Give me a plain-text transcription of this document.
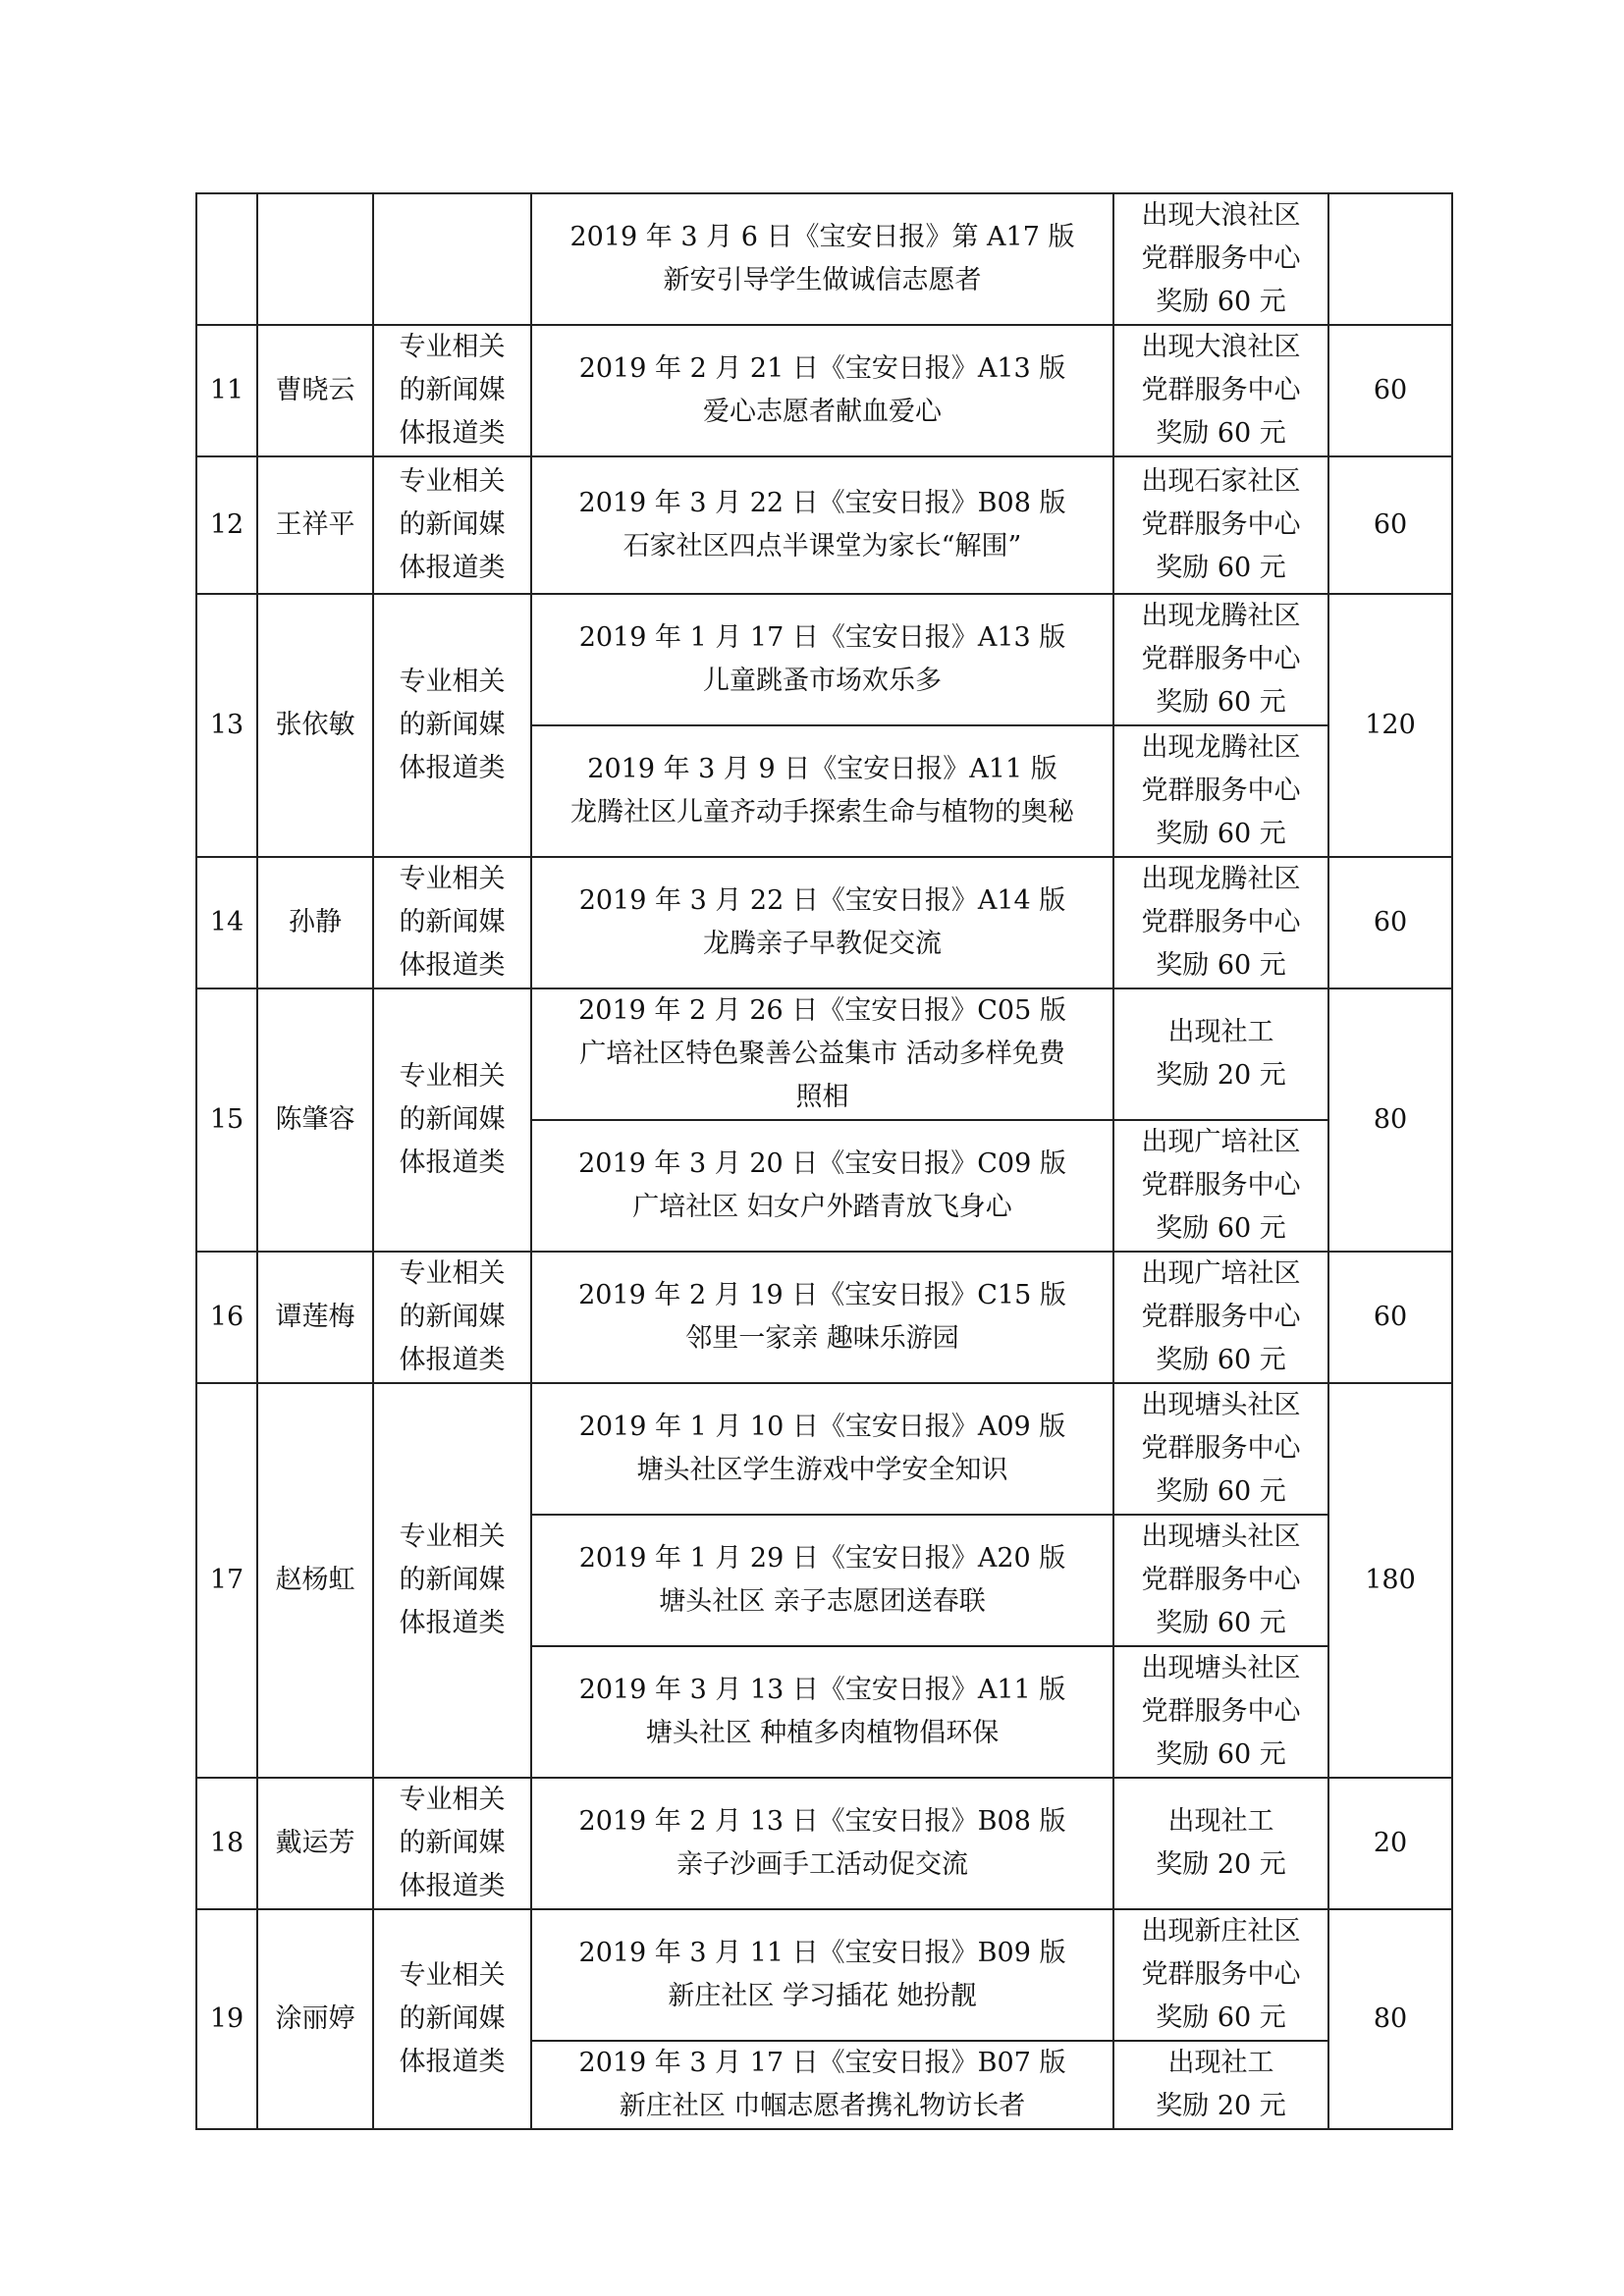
			2019 年 3 月 6 日《宝安日报》第 A17 版
新安引导学生做诚信志愿者	出现大浪社区
党群服务中心
奖励 60 元	

11	曹晓云	专业相关
的新闻媒
体报道类	2019 年 2 月 21 日《宝安日报》A13 版
爱心志愿者献血爱心	出现大浪社区
党群服务中心
奖励 60 元	60
12	王祥平	专业相关
的新闻媒
体报道类	2019 年 3 月 22 日《宝安日报》B08 版
石家社区四点半课堂为家长“解围”	出现石家社区
党群服务中心
奖励 60 元	60
13	张依敏	专业相关
的新闻媒
体报道类	2019 年 1 月 17 日《宝安日报》A13 版
儿童跳蚤市场欢乐多	出现龙腾社区
党群服务中心
奖励 60 元	120

			2019 年 3 月 9 日《宝安日报》A11 版
龙腾社区儿童齐动手探索生命与植物的奥秘	出现龙腾社区
党群服务中心
奖励 60 元	

14	孙静	专业相关
的新闻媒
体报道类	2019 年 3 月 22 日《宝安日报》A14 版
龙腾亲子早教促交流	出现龙腾社区
党群服务中心
奖励 60 元	60
15	陈肇容	专业相关
的新闻媒
体报道类	2019 年 2 月 26 日《宝安日报》C05 版
广培社区特色聚善公益集市 活动多样免费
照相	出现社工
奖励 20 元	80

			2019 年 3 月 20 日《宝安日报》C09 版
广培社区 妇女户外踏青放飞身心	出现广培社区
党群服务中心
奖励 60 元	

16	谭莲梅	专业相关
的新闻媒
体报道类	2019 年 2 月 19 日《宝安日报》C15 版
邻里一家亲 趣味乐游园	出现广培社区
党群服务中心
奖励 60 元	60
17	赵杨虹	专业相关
的新闻媒
体报道类	2019 年 1 月 10 日《宝安日报》A09 版
塘头社区学生游戏中学安全知识	出现塘头社区
党群服务中心
奖励 60 元	180

			2019 年 1 月 29 日《宝安日报》A20 版
塘头社区 亲子志愿团送春联	出现塘头社区
党群服务中心
奖励 60 元	

			2019 年 3 月 13 日《宝安日报》A11 版
塘头社区 种植多肉植物倡环保	出现塘头社区
党群服务中心
奖励 60 元	

18	戴运芳	专业相关
的新闻媒
体报道类	2019 年 2 月 13 日《宝安日报》B08 版
亲子沙画手工活动促交流	出现社工
奖励 20 元	20
19	涂丽婷	专业相关
的新闻媒
体报道类	2019 年 3 月 11 日《宝安日报》B09 版
新庄社区 学习插花 她扮靓	出现新庄社区
党群服务中心
奖励 60 元	80

			2019 年 3 月 17 日《宝安日报》B07 版
新庄社区 巾帼志愿者携礼物访长者	出现社工
奖励 20 元	
